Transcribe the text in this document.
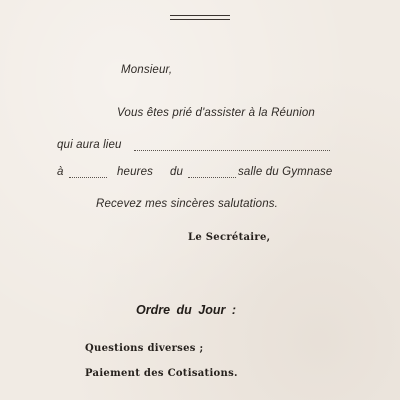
Monsieur,
Vous êtes prié d'assister à la Réunion
qui aura lieu
à	heures du	salle du Gymnase
Recevez mes sincères salutations.
Le Secrétaire,
Ordre du Jour :
Questions diverses ;
Paiement des Cotisations.
